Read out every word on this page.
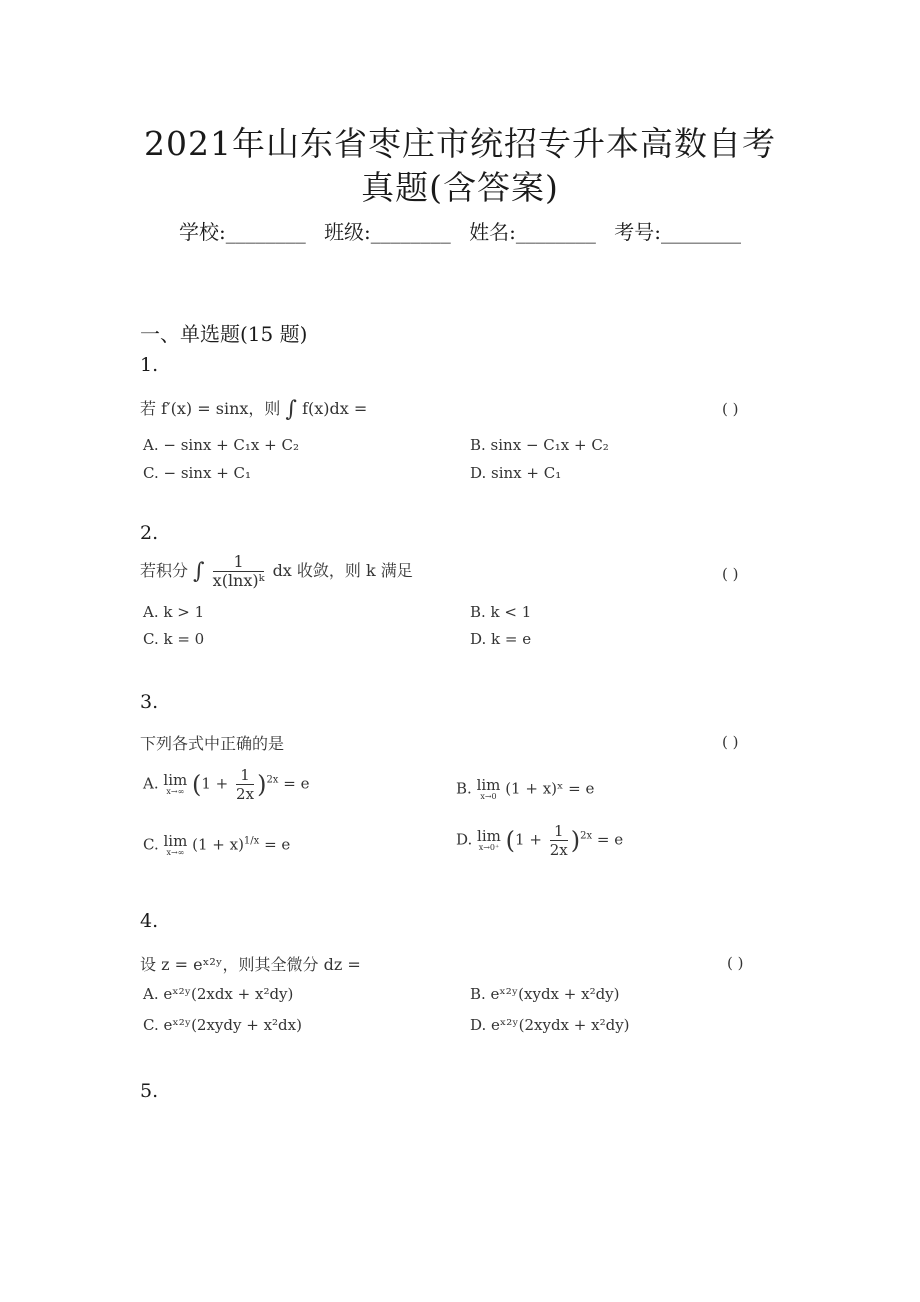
2021年山东省枣庄市统招专升本高数自考
真题(含答案)
学校:________ 班级:________ 姓名:________ 考号:________
一、单选题(15 题)
1.
若 f′(x) = sinx，则 ∫ f(x)dx =	( )
A. − sinx + C₁x + C₂	B. sinx − C₁x + C₂
C. − sinx + C₁	D. sinx + C₁
2.
若积分 ∫ $\frac{1}{\text{x(lnx)ᵏ}}$ dx 收敛，则 k 满足	( )
A. k > 1	B. k < 1
C. k = 0	D. k = e
3.
下列各式中正确的是	( )
A. lim
x→∞ $(1 + \frac{1}{2x} )^{2x} = e$	B. lim
x→0 (1 + x)ˣ = e
C. lim
x→∞ $(1 + x)^{1/x} = e$	D. lim
x→0⁺ $(1 + \frac{1}{2x} )^{2x} = e$
4.
设 z = eˣ²ʸ，则其全微分 dz =	( )
A. eˣ²ʸ(2xdx + x²dy)	B. eˣ²ʸ(xydx + x²dy)
C. eˣ²ʸ(2xydy + x²dx)	D. eˣ²ʸ(2xydx + x²dy)
5.
